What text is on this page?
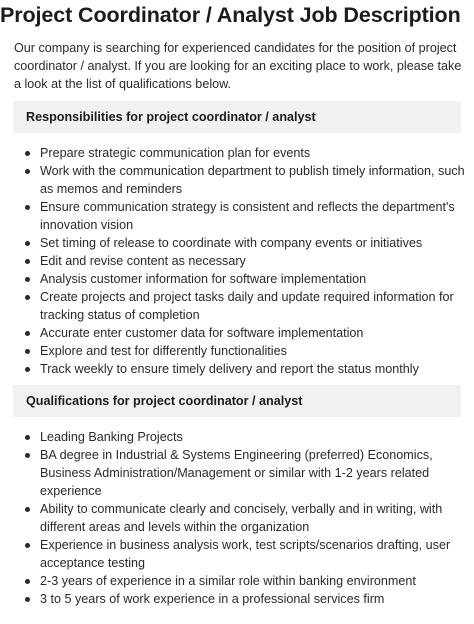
Project Coordinator / Analyst Job Description

Our company is searching for experienced candidates for the position of project coordinator / analyst. If you are looking for an exciting place to work, please take a look at the list of qualifications below.

Responsibilities for project coordinator / analyst
Prepare strategic communication plan for events
Work with the communication department to publish timely information, such as memos and reminders
Ensure communication strategy is consistent and reflects the department's innovation vision
Set timing of release to coordinate with company events or initiatives
Edit and revise content as necessary
Analysis customer information for software implementation
Create projects and project tasks daily and update required information for tracking status of completion
Accurate enter customer data for software implementation
Explore and test for differently functionalities
Track weekly to ensure timely delivery and report the status monthly
Qualifications for project coordinator / analyst
Leading Banking Projects
BA degree in Industrial & Systems Engineering (preferred) Economics, Business Administration/Management or similar with 1-2 years related experience
Ability to communicate clearly and concisely, verbally and in writing, with different areas and levels within the organization
Experience in business analysis work, test scripts/scenarios drafting, user acceptance testing
2-3 years of experience in a similar role within banking environment
3 to 5 years of work experience in a professional services firm
